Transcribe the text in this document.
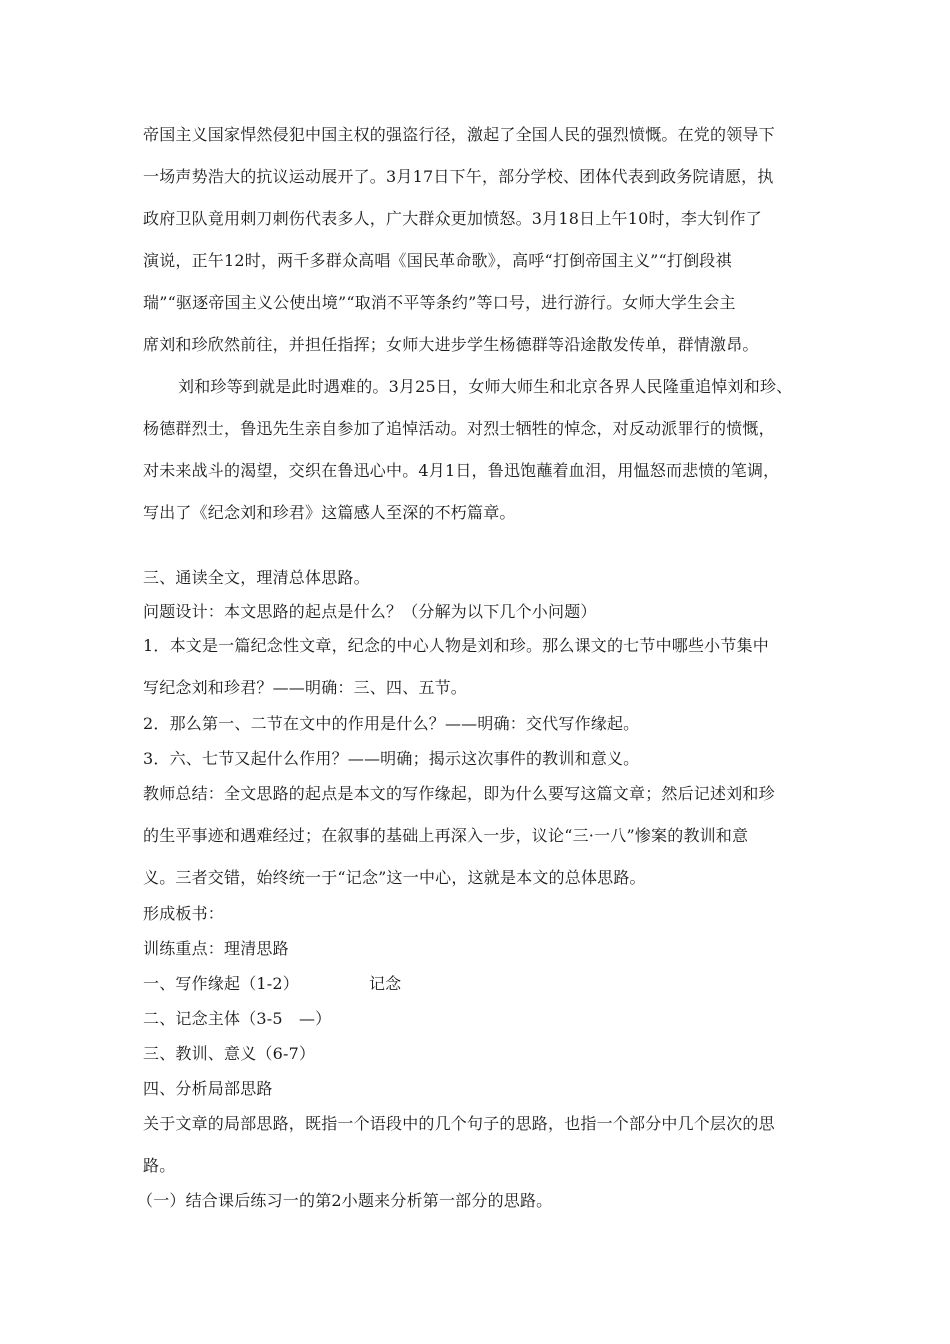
帝国主义国家悍然侵犯中国主权的强盗行径，激起了全国人民的强烈愤慨。在党的领导下
一场声势浩大的抗议运动展开了。3月17日下午，部分学校、团体代表到政务院请愿，执
政府卫队竟用刺刀刺伤代表多人，广大群众更加愤怒。3月18日上午10时，李大钊作了
演说，正午12时，两千多群众高唱《国民革命歌》，高呼“打倒帝国主义”“打倒段祺
瑞”“驱逐帝国主义公使出境”“取消不平等条约”等口号，进行游行。女师大学生会主
席刘和珍欣然前往，并担任指挥；女师大进步学生杨德群等沿途散发传单，群情激昂。
刘和珍等到就是此时遇难的。3月25日，女师大师生和北京各界人民隆重追悼刘和珍、
杨德群烈士，鲁迅先生亲自参加了追悼活动。对烈士牺牲的悼念，对反动派罪行的愤慨，
对未来战斗的渴望，交织在鲁迅心中。4月1日，鲁迅饱蘸着血泪，用愠怒而悲愤的笔调，
写出了《纪念刘和珍君》这篇感人至深的不朽篇章。
三、通读全文，理清总体思路。
问题设计：本文思路的起点是什么？（分解为以下几个小问题）
1．本文是一篇纪念性文章，纪念的中心人物是刘和珍。那么课文的七节中哪些小节集中
写纪念刘和珍君？——明确：三、四、五节。
2．那么第一、二节在文中的作用是什么？——明确：交代写作缘起。
3．六、七节又起什么作用？——明确；揭示这次事件的教训和意义。
教师总结：全文思路的起点是本文的写作缘起，即为什么要写这篇文章；然后记述刘和珍
的生平事迹和遇难经过；在叙事的基础上再深入一步，议论“三·一八”惨案的教训和意
义。三者交错，始终统一于“记念”这一中心，这就是本文的总体思路。
形成板书：
训练重点：理清思路
一、写作缘起（1-2）	记念
二、记念主体（3-5　—）
三、教训、意义（6-7）
四、分析局部思路
关于文章的局部思路，既指一个语段中的几个句子的思路，也指一个部分中几个层次的思
路。
（一）结合课后练习一的第2小题来分析第一部分的思路。
